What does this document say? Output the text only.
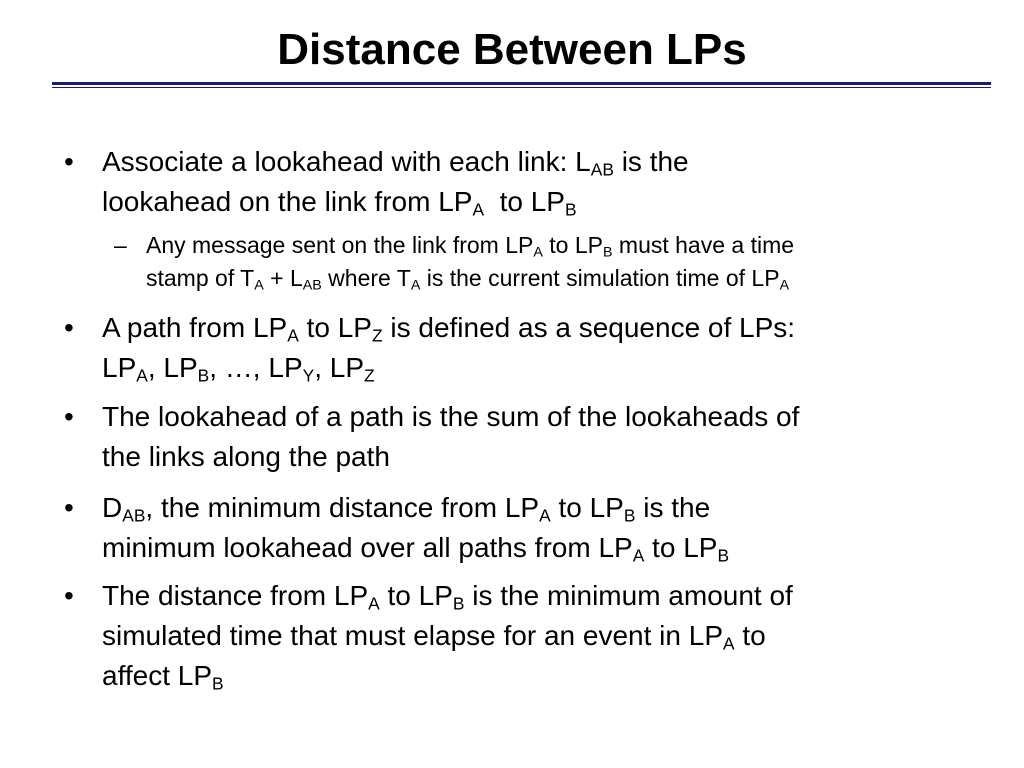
Distance Between LPs
• Associate a lookahead with each link: $L_{AB}$ is the
lookahead on the link from $LP_A$  to $LP_B$
– Any message sent on the link from $LP_A$ to $LP_B$ must have a time
stamp of $T_A + L_{AB}$ where $T_A$ is the current simulation time of $LP_A$
• A path from $LP_A$ to $LP_Z$ is defined as a sequence of LPs:
$LP_A$, $LP_B$, …, $LP_Y$, $LP_Z$
• The lookahead of a path is the sum of the lookaheads of
the links along the path
• $D_{AB}$, the minimum distance from $LP_A$ to $LP_B$ is the
minimum lookahead over all paths from $LP_A$ to $LP_B$
• The distance from $LP_A$ to $LP_B$ is the minimum amount of
simulated time that must elapse for an event in $LP_A$ to
affect $LP_B$
